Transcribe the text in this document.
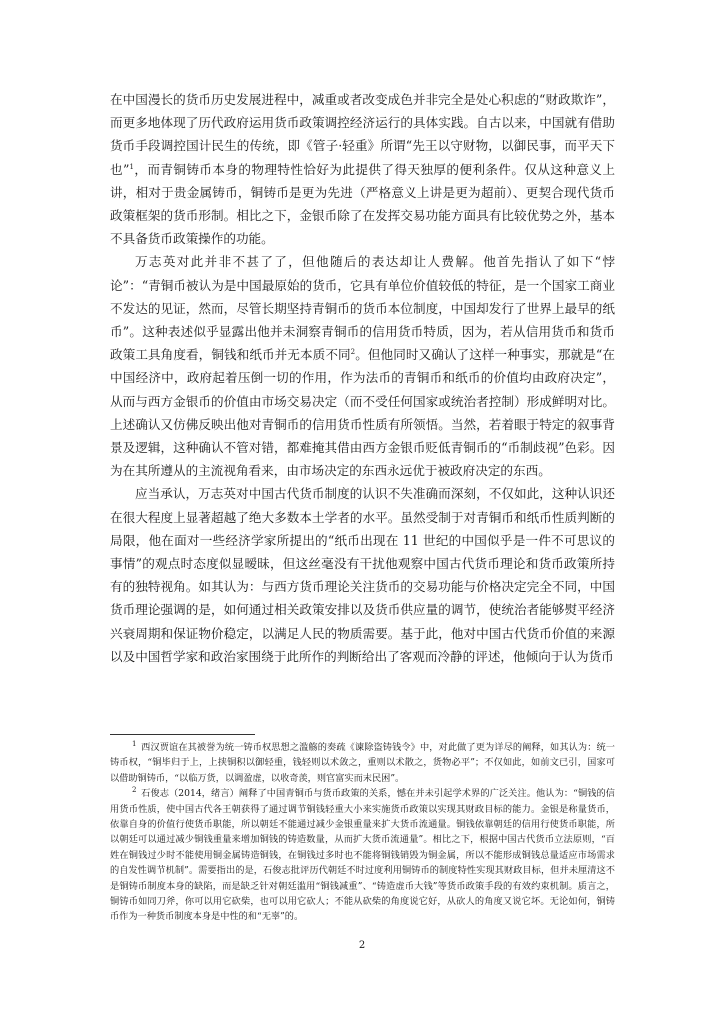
在中国漫长的货币历史发展进程中，减重或者改变成色并非完全是处心积虑的“财政欺诈”，而更多地体现了历代政府运用货币政策调控经济运行的具体实践。自古以来，中国就有借助货币手段调控国计民生的传统，即《管子·轻重》所谓“先王以守财物，以御民事，而平天下也”$^1$，而青铜铸币本身的物理特性恰好为此提供了得天独厚的便利条件。仅从这种意义上讲，相对于贵金属铸币，铜铸币是更为先进（严格意义上讲是更为超前）、更契合现代货币政策框架的货币形制。相比之下，金银币除了在发挥交易功能方面具有比较优势之外，基本不具备货币政策操作的功能。

万志英对此并非不甚了了，但他随后的表达却让人费解。他首先指认了如下“悖论”：“青铜币被认为是中国最原始的货币，它具有单位价值较低的特征，是一个国家工商业不发达的见证，然而，尽管长期坚持青铜币的货币本位制度，中国却发行了世界上最早的纸币”。这种表述似乎显露出他并未洞察青铜币的信用货币特质，因为，若从信用货币和货币政策工具角度看，铜钱和纸币并无本质不同$^2$。但他同时又确认了这样一种事实，那就是“在中国经济中，政府起着压倒一切的作用，作为法币的青铜币和纸币的价值均由政府决定”，从而与西方金银币的价值由市场交易决定（而不受任何国家或统治者控制）形成鲜明对比。上述确认又仿佛反映出他对青铜币的信用货币性质有所领悟。当然，若着眼于特定的叙事背景及逻辑，这种确认不管对错，都难掩其借由西方金银币贬低青铜币的“币制歧视”色彩。因为在其所遵从的主流视角看来，由市场决定的东西永远优于被政府决定的东西。

应当承认，万志英对中国古代货币制度的认识不失准确而深刻，不仅如此，这种认识还在很大程度上显著超越了绝大多数本土学者的水平。虽然受制于对青铜币和纸币性质判断的局限，他在面对一些经济学家所提出的“纸币出现在 11 世纪的中国似乎是一件不可思议的事情”的观点时态度似显暧昧，但这丝毫没有干扰他观察中国古代货币理论和货币政策所持有的独特视角。如其认为：与西方货币理论关注货币的交易功能与价格决定完全不同，中国货币理论强调的是，如何通过相关政策安排以及货币供应量的调节，使统治者能够熨平经济兴衰周期和保证物价稳定，以满足人民的物质需要。基于此，他对中国古代货币价值的来源以及中国哲学家和政治家围绕于此所作的判断给出了客观而冷静的评述，他倾向于认为货币

$^1$  西汉贾谊在其被誉为统一铸币权思想之滥觞的奏疏《谏除盗铸钱令》中，对此做了更为详尽的阐释，如其认为：统一铸币权，“铜毕归于上，上挟铜积以御轻重，钱轻则以术敛之，重则以术散之，货物必平”；不仅如此，如前文已引，国家可以借助铜铸币，“以临万货，以调盈虚，以收奇羡，则官富实而末民困”。

$^2$  石俊志（2014，绪言）阐释了中国青铜币与货币政策的关系，憾在并未引起学术界的广泛关注。他认为：“铜钱的信用货币性质，使中国古代各王朝获得了通过调节铜钱轻重大小来实施货币政策以实现其财政目标的能力。金银是称量货币，依靠自身的价值行使货币职能，所以朝廷不能通过减少金银重量来扩大货币流通量。铜钱依靠朝廷的信用行使货币职能，所以朝廷可以通过减少铜钱重量来增加铜钱的铸造数量，从而扩大货币流通量”。相比之下，根据中国古代货币立法原则，“百姓在铜钱过少时不能使用铜金属铸造铜钱，在铜钱过多时也不能将铜钱销毁为铜金属，所以不能形成铜钱总量适应市场需求的自发性调节机制”。需要指出的是，石俊志批评历代朝廷不时过度利用铜铸币的制度特性实现其财政目标，但并未厘清这不是铜铸币制度本身的缺陷，而是缺乏针对朝廷滥用“铜钱减重”、“铸造虚币大钱”等货币政策手段的有效约束机制。质言之，铜铸币如同刀斧，你可以用它砍柴，也可以用它砍人；不能从砍柴的角度说它好，从砍人的角度又说它坏。无论如何，铜铸币作为一种货币制度本身是中性的和“无辜”的。

2
